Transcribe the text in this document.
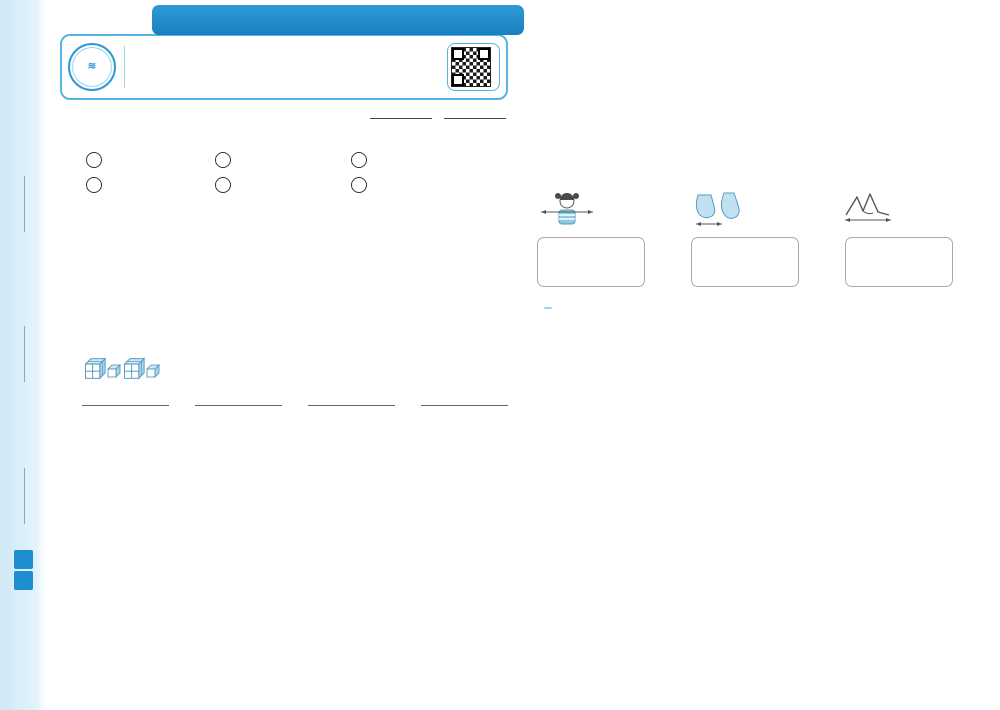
≋
